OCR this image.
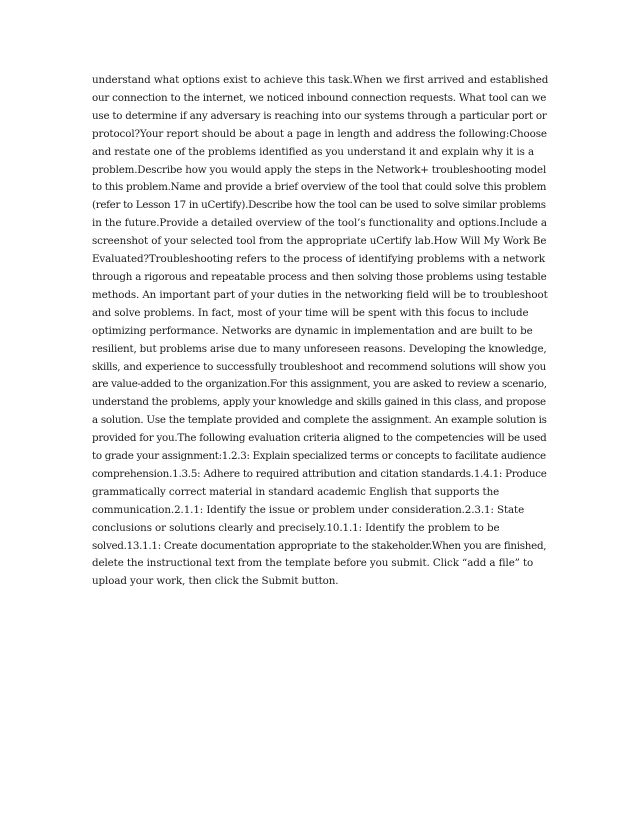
understand what options exist to achieve this task.When we first arrived and established
our connection to the internet, we noticed inbound connection requests. What tool can we
use to determine if any adversary is reaching into our systems through a particular port or
protocol?Your report should be about a page in length and address the following:Choose
and restate one of the problems identified as you understand it and explain why it is a
problem.Describe how you would apply the steps in the Network+ troubleshooting model
to this problem.Name and provide a brief overview of the tool that could solve this problem
(refer to Lesson 17 in uCertify).Describe how the tool can be used to solve similar problems
in the future.Provide a detailed overview of the tool’s functionality and options.Include a
screenshot of your selected tool from the appropriate uCertify lab.How Will My Work Be
Evaluated?Troubleshooting refers to the process of identifying problems with a network
through a rigorous and repeatable process and then solving those problems using testable
methods. An important part of your duties in the networking field will be to troubleshoot
and solve problems. In fact, most of your time will be spent with this focus to include
optimizing performance. Networks are dynamic in implementation and are built to be
resilient, but problems arise due to many unforeseen reasons. Developing the knowledge,
skills, and experience to successfully troubleshoot and recommend solutions will show you
are value-added to the organization.For this assignment, you are asked to review a scenario,
understand the problems, apply your knowledge and skills gained in this class, and propose
a solution. Use the template provided and complete the assignment. An example solution is
provided for you.The following evaluation criteria aligned to the competencies will be used
to grade your assignment:1.2.3: Explain specialized terms or concepts to facilitate audience
comprehension.1.3.5: Adhere to required attribution and citation standards.1.4.1: Produce
grammatically correct material in standard academic English that supports the
communication.2.1.1: Identify the issue or problem under consideration.2.3.1: State
conclusions or solutions clearly and precisely.10.1.1: Identify the problem to be
solved.13.1.1: Create documentation appropriate to the stakeholder.When you are finished,
delete the instructional text from the template before you submit. Click “add a file” to
upload your work, then click the Submit button.
